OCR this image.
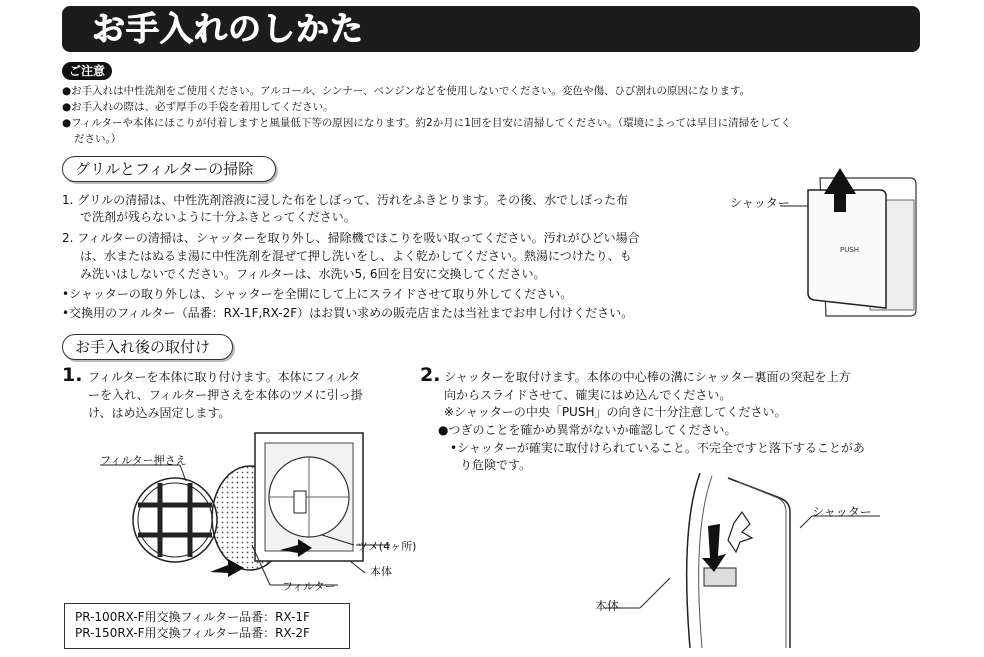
お手入れのしかた
ご注意
●お手入れは中性洗剤をご使用ください。アルコール、シンナー、ベンジンなどを使用しないでください。変色や傷、ひび割れの原因になります。
●お手入れの際は、必ず厚手の手袋を着用してください。
●フィルターや本体にほこりが付着しますと風量低下等の原因になります。約2か月に1回を目安に清掃してください。（環境によっては早目に清掃をしてく
ださい。）
グリルとフィルターの掃除
1. グリルの清掃は、中性洗剤溶液に浸した布をしぼって、汚れをふきとります。その後、水でしぼった布
で洗剤が残らないように十分ふきとってください。
2. フィルターの清掃は、シャッターを取り外し、掃除機でほこりを吸い取ってください。汚れがひどい場合
は、水またはぬるま湯に中性洗剤を混ぜて押し洗いをし、よく乾かしてください。熱湯につけたり、も
み洗いはしないでください。フィルターは、水洗い5, 6回を目安に交換してください。
•シャッターの取り外しは、シャッターを全開にして上にスライドさせて取り外してください。
•交換用のフィルター（品番：RX-1F,RX-2F）はお買い求めの販売店または当社までお申し付けください。
シャッター
PUSH
お手入れ後の取付け
1. フィルターを本体に取り付けます。本体にフィルタ
ーを入れ、フィルター押さえを本体のツメに引っ掛
け、はめ込み固定します。
フィルター押さえ
ツメ(4ヶ所)
本体
フィルター
PR-100RX-F用交換フィルター品番：RX-1F
PR-150RX-F用交換フィルター品番：RX-2F
2. シャッターを取付けます。本体の中心棒の溝にシャッター裏面の突起を上方
向からスライドさせて、確実にはめ込んでください。
※シャッターの中央「PUSH」の向きに十分注意してください。
●つぎのことを確かめ異常がないか確認してください。
•シャッターが確実に取付けられていること。不完全ですと落下することがあ
り危険です。
シャッター
本体
